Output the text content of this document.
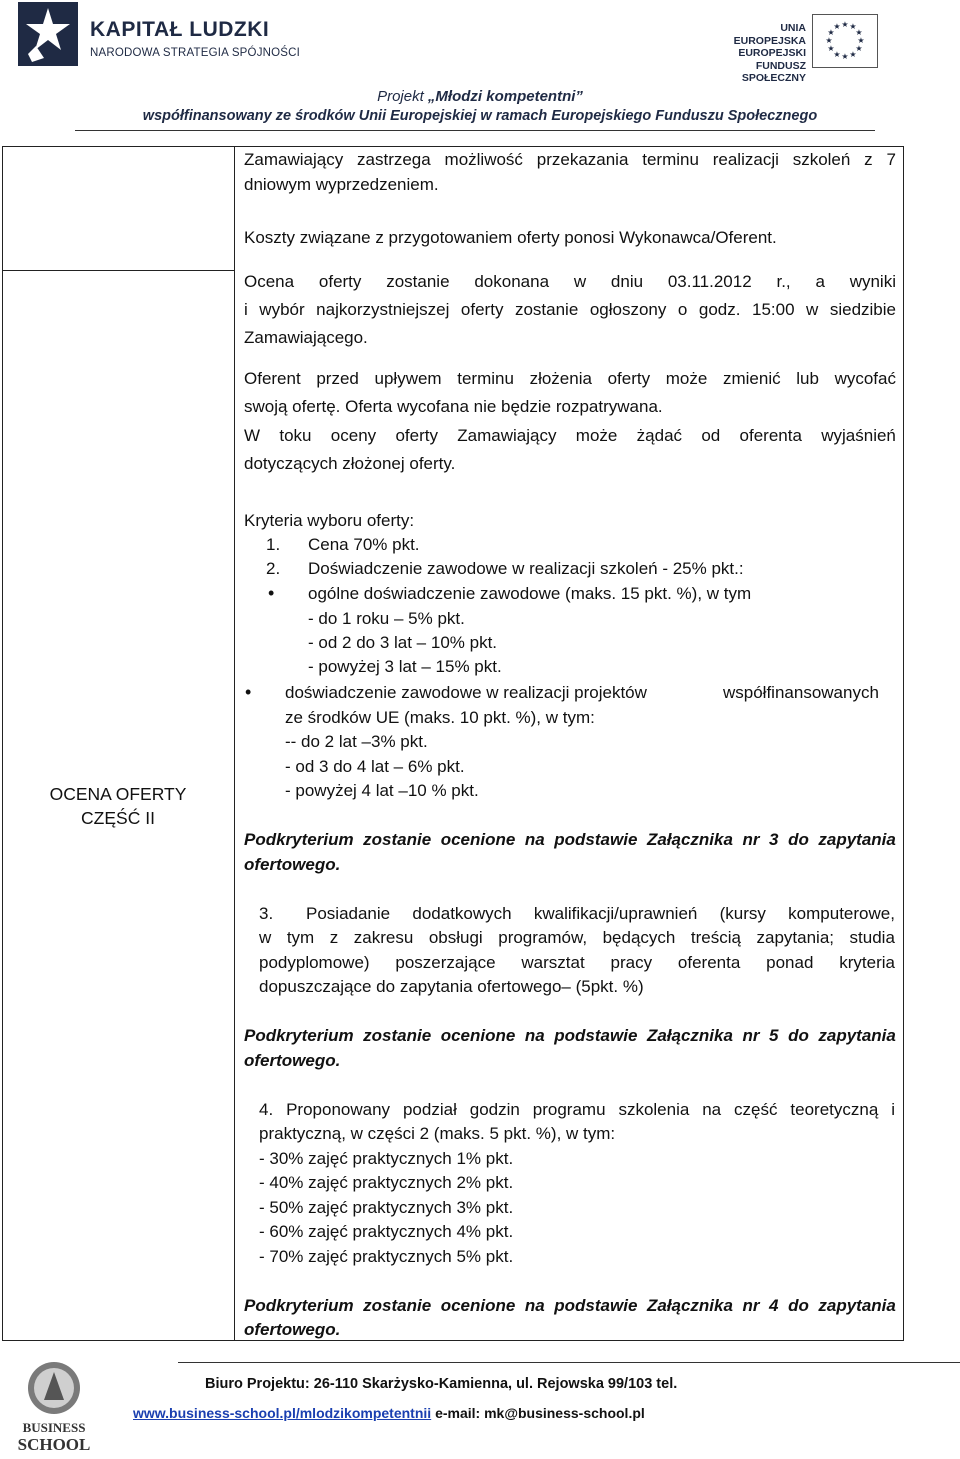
KAPITAŁ LUDZKI
NARODOWA STRATEGIA SPÓJNOŚCI
UNIA EUROPEJSKA
EUROPEJSKI
FUNDUSZ SPOŁECZNY
★ ★
★
★
★
★
★
★
★
★
★
★
Projekt „Młodzi kompetentni”
współfinansowany ze środków Unii Europejskiej w ramach Europejskiego Funduszu Społecznego
OCENA OFERTY
CZĘŚĆ II
Zamawiający zastrzega możliwość przekazania terminu realizacji szkoleń z 7
dniowym wyprzedzeniem.
Koszty związane z przygotowaniem oferty ponosi Wykonawca/Oferent.
Ocena oferty zostanie dokonana w dniu 03.11.2012 r., a wyniki
i wybór najkorzystniejszej oferty zostanie ogłoszony o godz. 15:00 w siedzibie
Zamawiającego.
Oferent przed upływem terminu złożenia oferty może zmienić lub wycofać
swoją ofertę. Oferta wycofana nie będzie rozpatrywana.
W toku oceny oferty Zamawiający może żądać od oferenta wyjaśnień
dotyczących złożonej oferty.
Kryteria wyboru oferty:
1. Cena 70% pkt.
2. Doświadczenie zawodowe w realizacji szkoleń - 25% pkt.:
• ogólne doświadczenie zawodowe (maks. 15 pkt. %), w tym
- do 1 roku – 5% pkt.
- od 2 do 3 lat – 10% pkt.
- powyżej 3 lat – 15% pkt.
• doświadczenie zawodowe w realizacji projektów	współfinansowanych
ze środków UE (maks. 10 pkt. %), w tym:
-- do 2 lat –3% pkt.
- od 3 do 4 lat – 6% pkt.
- powyżej 4 lat –10 % pkt.
Podkryterium zostanie ocenione na podstawie Załącznika nr 3 do zapytania
ofertowego.
3. Posiadanie dodatkowych kwalifikacji/uprawnień (kursy komputerowe,
w tym z zakresu obsługi programów, będących treścią zapytania; studia
podyplomowe) poszerzające warsztat pracy oferenta ponad kryteria
dopuszczające do zapytania ofertowego– (5pkt. %)
Podkryterium zostanie ocenione na podstawie Załącznika nr 5 do zapytania
ofertowego.
4. Proponowany podział godzin programu szkolenia na część teoretyczną i
praktyczną, w części 2 (maks. 5 pkt. %), w tym:
- 30% zajęć praktycznych 1% pkt.
- 40% zajęć praktycznych 2% pkt.
- 50% zajęć praktycznych 3% pkt.
- 60% zajęć praktycznych 4% pkt.
- 70% zajęć praktycznych 5% pkt.
Podkryterium zostanie ocenione na podstawie Załącznika nr 4 do zapytania
ofertowego.
BUSINESS
SCHOOL
Biuro Projektu: 26-110 Skarżysko-Kamienna, ul. Rejowska 99/103 tel.
www.business-school.pl/mlodzikompetentnii e-mail: mk@business-school.pl
